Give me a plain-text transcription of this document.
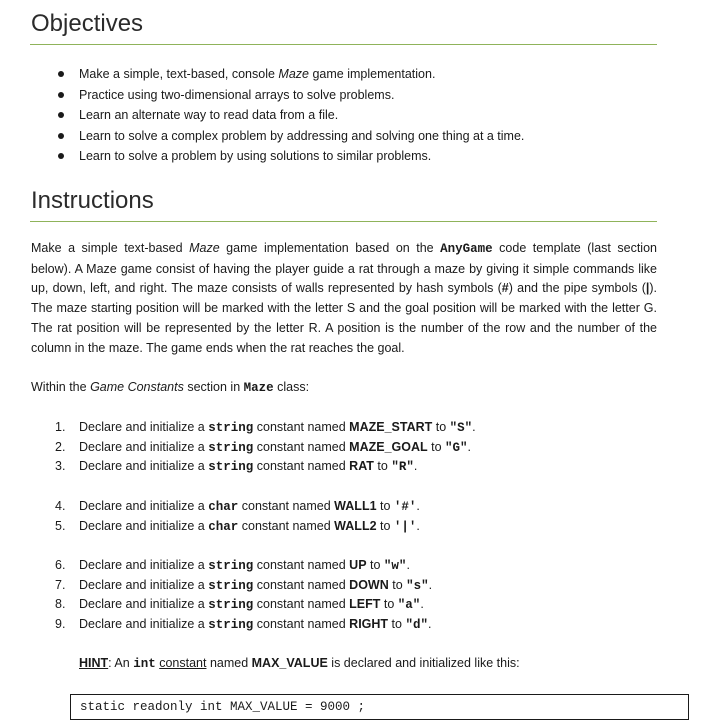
Objectives
Make a simple, text-based, console Maze game implementation.
Practice using two-dimensional arrays to solve problems.
Learn an alternate way to read data from a file.
Learn to solve a complex problem by addressing and solving one thing at a time.
Learn to solve a problem by using solutions to similar problems.
Instructions

Make a simple text-based Maze game implementation based on the AnyGame code template (last section below). A Maze game consist of having the player guide a rat through a maze by giving it simple commands like up, down, left, and right. The maze consists of walls represented by hash symbols (#) and the pipe symbols (|). The maze starting position will be marked with the letter S and the goal position will be marked with the letter G. The rat position will be represented by the letter R. A position is the number of the row and the number of the column in the maze. The game ends when the rat reaches the goal.

Within the Game Constants section in Maze class:

1. Declare and initialize a string constant named MAZE_START to "S".
2. Declare and initialize a string constant named MAZE_GOAL to "G".
3. Declare and initialize a string constant named RAT to "R".
4. Declare and initialize a char constant named WALL1 to '#'.
5. Declare and initialize a char constant named WALL2 to '|'.
6. Declare and initialize a string constant named UP to "w".
7. Declare and initialize a string constant named DOWN to "s".
8. Declare and initialize a string constant named LEFT to "a".
9. Declare and initialize a string constant named RIGHT to "d".

HINT: An int constant named MAX_VALUE is declared and initialized like this:

static readonly int MAX_VALUE = 9000 ;
